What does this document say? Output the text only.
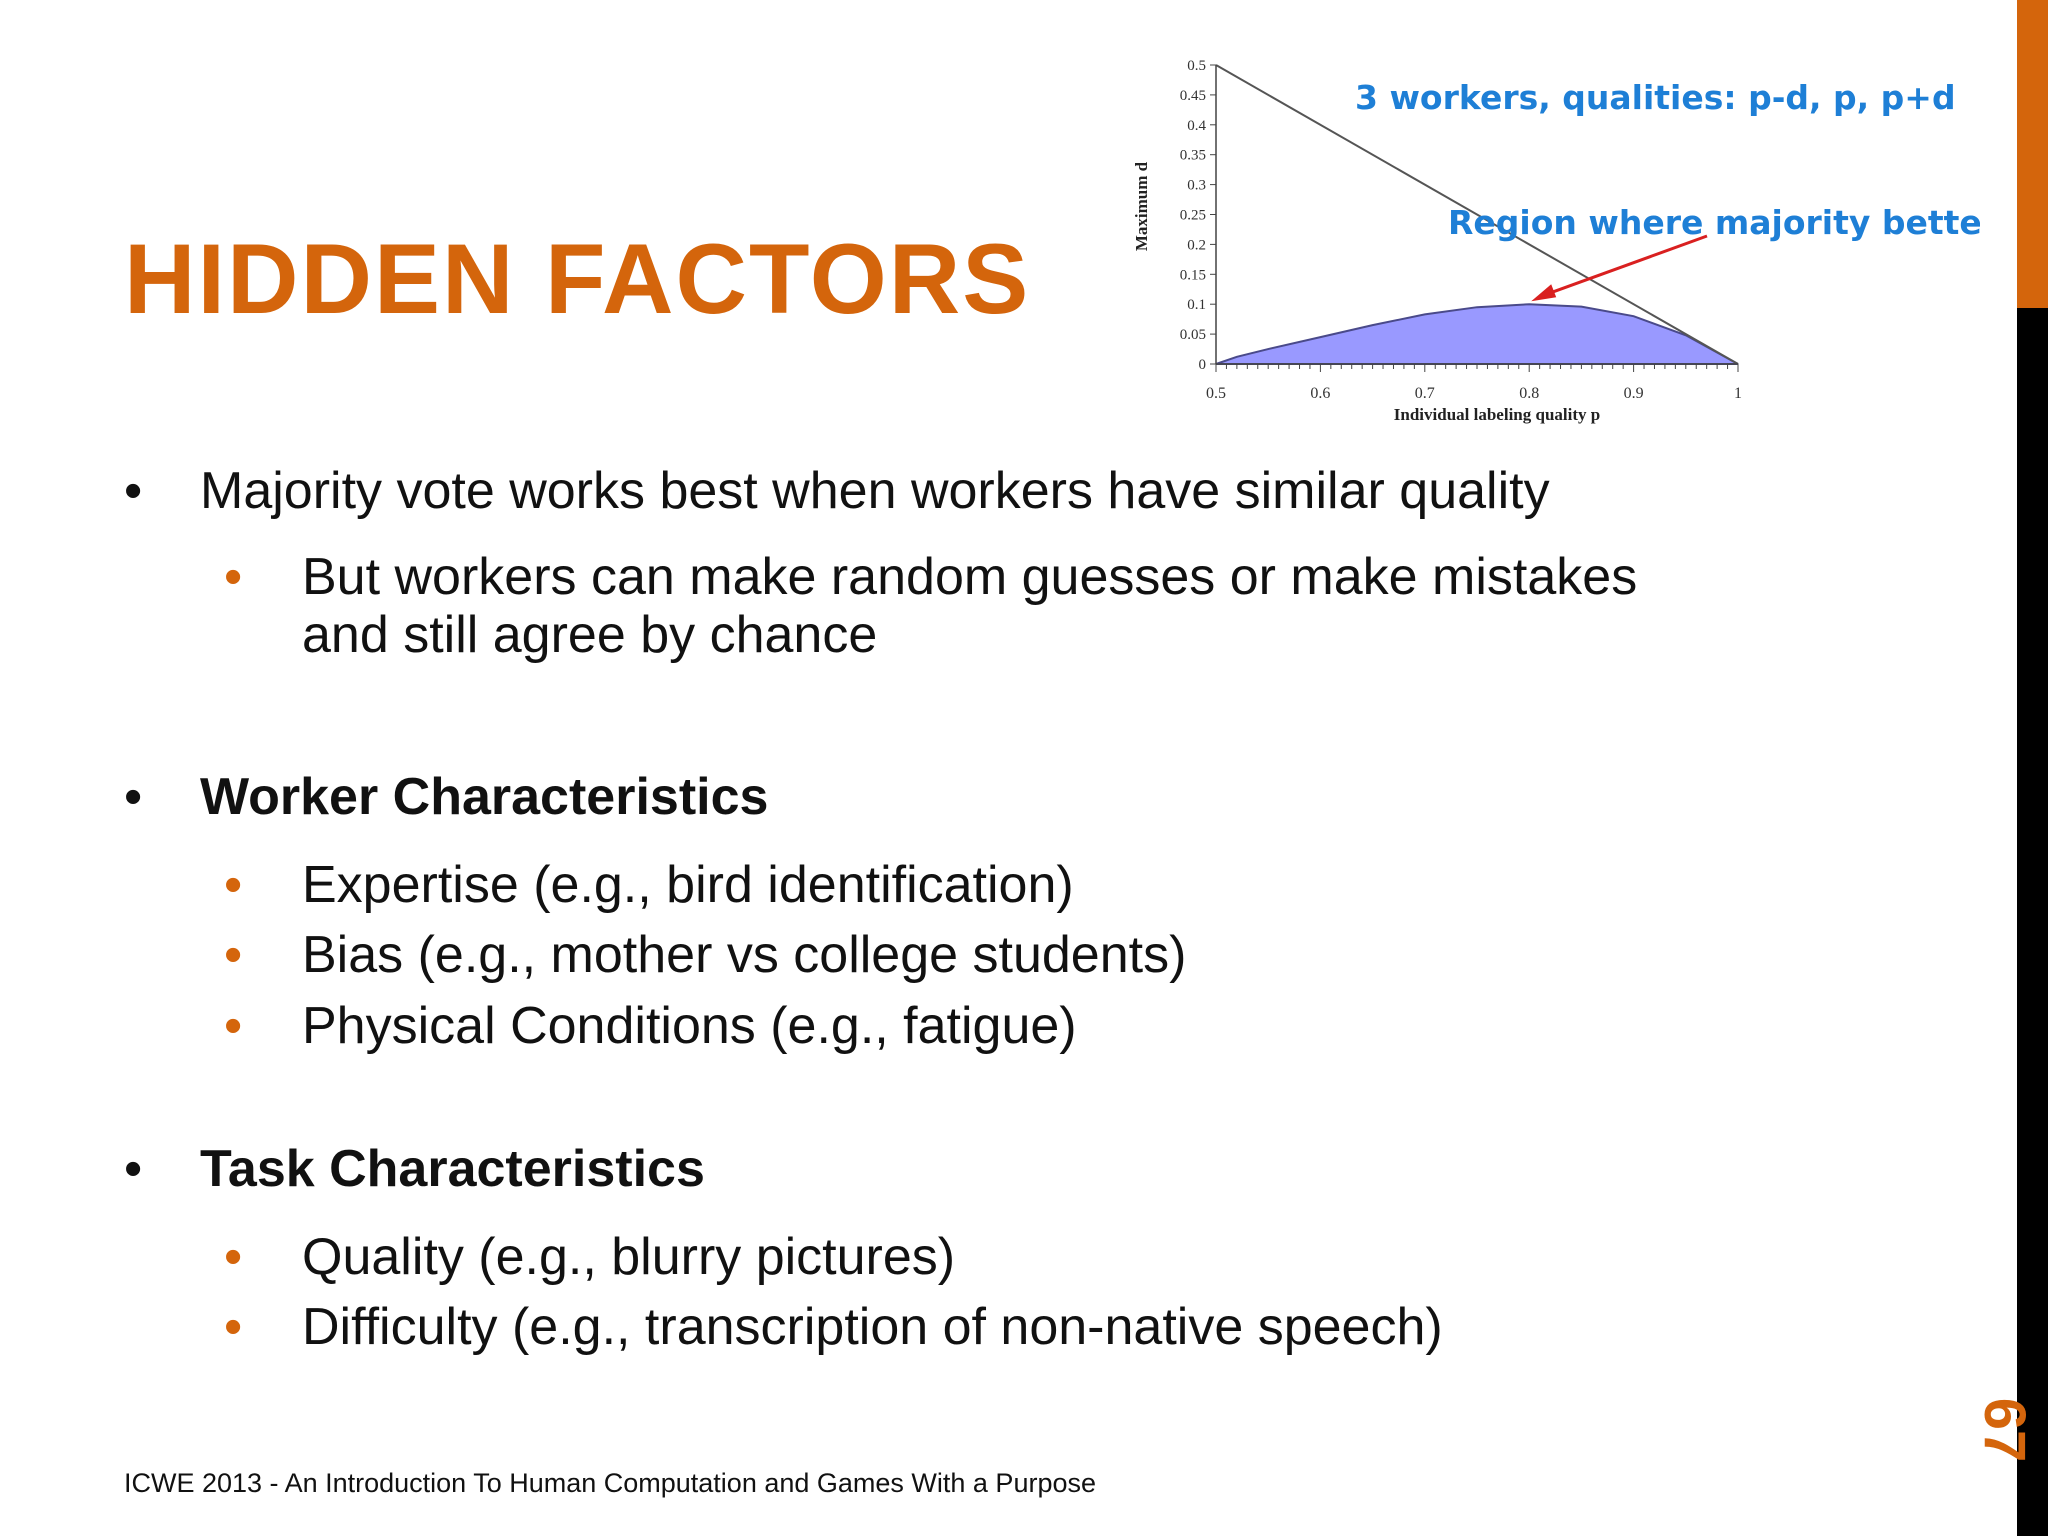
HIDDEN FACTORS
0
0.05
0.1
0.15
0.2
0.25
0.3
0.35
0.4
0.45
0.5
0.5	0.6	0.7	0.8	0.9	1
Individual labeling quality p
Maximum d
3 workers, qualities: p-d, p, p+d
Region where majority better
• Majority vote works best when workers have similar quality
• But workers can make random guesses or make mistakes
and still agree by chance
• Worker Characteristics
• Expertise (e.g., bird identification)
• Bias (e.g., mother vs college students)
• Physical Conditions (e.g., fatigue)
• Task Characteristics
• Quality (e.g., blurry pictures)
• Difficulty (e.g., transcription of non-native speech)
ICWE 2013 - An Introduction To Human Computation and Games With a Purpose
67
